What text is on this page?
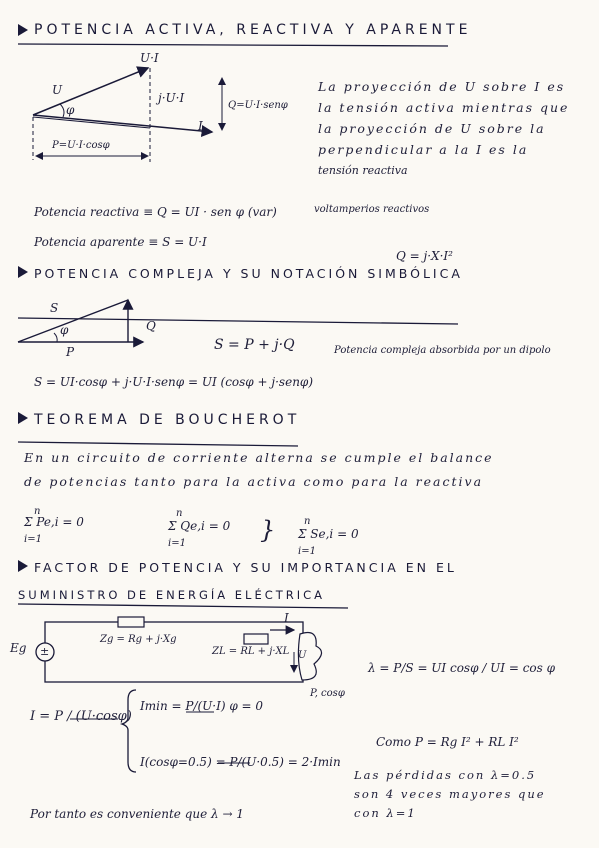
POTENCIA ACTIVA, REACTIVA Y APARENTE
U·I
U
φ
I
j·U·I
Q=U·I·senφ
P=U·I·cosφ
La proyección de U sobre I es
la tensión activa mientras que
la proyección de U sobre la
perpendicular a la I es la
tensión reactiva
Potencia reactiva ≡ Q = UI · sen φ (var)	voltamperios reactivos
Potencia aparente ≡ S = U·I
Q = j·X·I²
POTENCIA COMPLEJA Y SU NOTACIÓN SIMBÓLICA
S
φ
P
Q
S = P + j·Q	Potencia compleja absorbida por un dipolo
S = UI·cosφ + j·U·I·senφ = UI (cosφ + j·senφ)
TEOREMA DE BOUCHEROT
En un circuito de corriente alterna se cumple el balance
de potencias tanto para la activa como para la reactiva
n
Σ Pe,i = 0
i=1
n
Σ Qe,i = 0
i=1	}	n
Σ Se,i = 0
i=1
FACTOR DE POTENCIA Y SU IMPORTANCIA EN EL
SUMINISTRO DE ENERGÍA ELÉCTRICA
Eg ±
Zg = Rg + j·Xg
ZL = RL + j·XL
I
U
P, cosφ
λ = P/S = UI cosφ / UI = cos φ
I = P / (U·cosφ)
Imin = P/(U·I) φ = 0
I(cosφ=0.5) = P/(U·0.5) = 2·Imin
Como P = Rg I² + RL I²
Las pérdidas con λ=0.5
son 4 veces mayores que
con λ=1
Por tanto es conveniente que λ → 1
